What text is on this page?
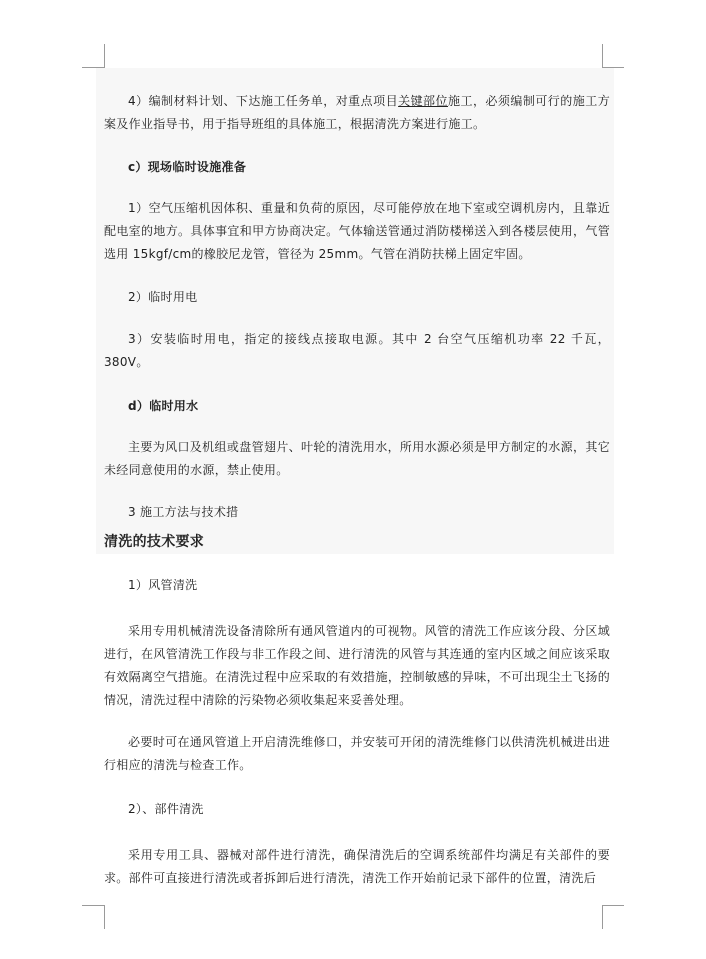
4）编制材料计划、下达施工任务单，对重点项目关键部位施工，必须编制可行的施工方案及作业指导书，用于指导班组的具体施工，根据清洗方案进行施工。

c）现场临时设施准备

1）空气压缩机因体积、重量和负荷的原因，尽可能停放在地下室或空调机房内，且靠近配电室的地方。具体事宜和甲方协商决定。气体输送管通过消防楼梯送入到各楼层使用，气管选用 15kgf/cm的橡胶尼龙管，管径为 25mm。气管在消防扶梯上固定牢固。

2）临时用电

3）安装临时用电，指定的接线点接取电源。其中 2 台空气压缩机功率 22 千瓦，380V。

d）临时用水

主要为风口及机组或盘管翅片、叶轮的清洗用水，所用水源必须是甲方制定的水源，其它未经同意使用的水源，禁止使用。

3 施工方法与技术措

清洗的技术要求

1）风管清洗

采用专用机械清洗设备清除所有通风管道内的可视物。风管的清洗工作应该分段、分区域进行，在风管清洗工作段与非工作段之间、进行清洗的风管与其连通的室内区域之间应该采取有效隔离空气措施。在清洗过程中应采取的有效措施，控制敏感的异味，不可出现尘土飞扬的情况，清洗过程中清除的污染物必须收集起来妥善处理。

必要时可在通风管道上开启清洗维修口，并安装可开闭的清洗维修门以供清洗机械进出进行相应的清洗与检查工作。

2）、部件清洗

采用专用工具、器械对部件进行清洗，确保清洗后的空调系统部件均满足有关部件的要求。部件可直接进行清洗或者拆卸后进行清洗，清洗工作开始前记录下部件的位置，清洗后
